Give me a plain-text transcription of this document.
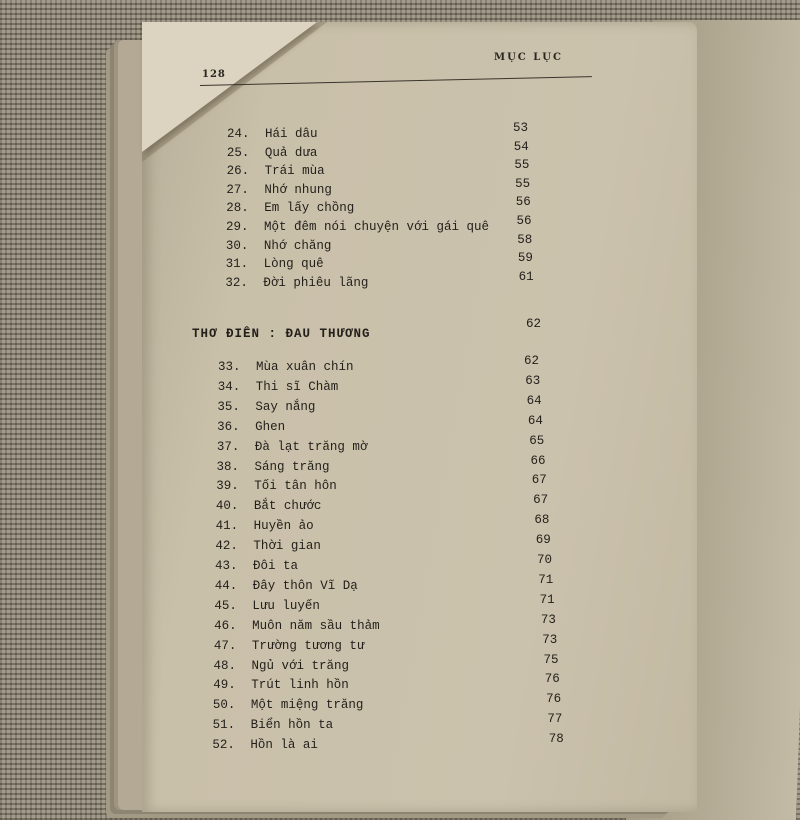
MỤC LỤC
128
24. Hái dâu	53
25. Quả dưa	54
26. Trái mùa	55
27. Nhớ nhung	55
28. Em lấy chồng	56
29. Một đêm nói chuyện với gái quê 56
30. Nhớ chăng	58
31. Lòng quê	59
32. Đời phiêu lãng	61
THƠ ĐIÊN : ĐAU THƯƠNG
62
33. Mùa xuân chín	62
34. Thi sĩ Chàm	63
35. Say nắng	64
36. Ghen	64
37. Đà lạt trăng mờ	65
38. Sáng trăng	66
39. Tối tân hôn	67
40. Bắt chước	67
41. Huyền ảo	68
42. Thời gian	69
43. Đôi ta	70
44. Đây thôn Vĩ Dạ	71
45. Lưu luyến	71
46. Muôn năm sầu thảm	73
47. Trường tương tư	73
48. Ngủ với trăng	75
49. Trút linh hồn	76
50. Một miệng trăng	76
51. Biển hồn ta	77
52. Hồn là ai	78
